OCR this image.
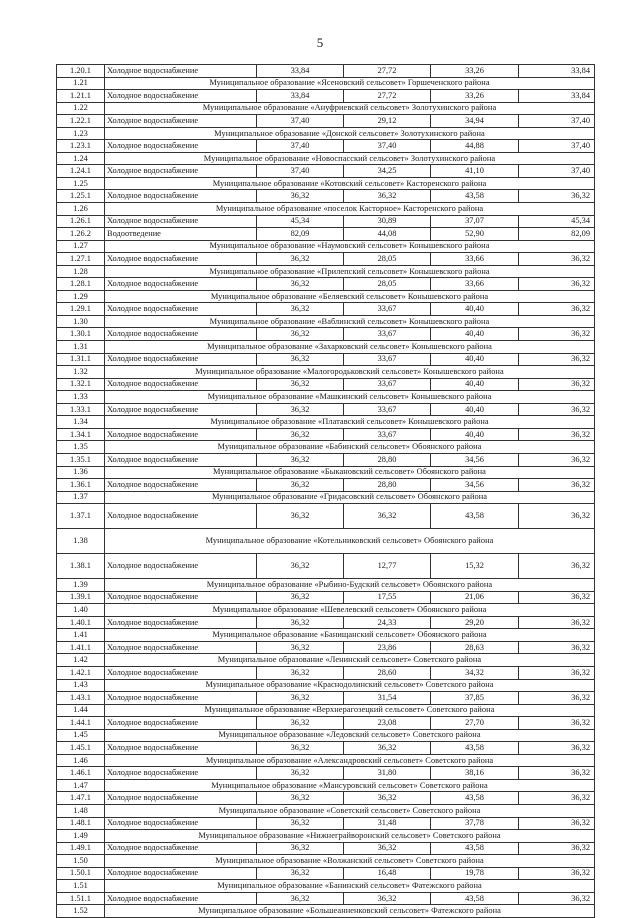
5
1.20.1	Холодное водоснабжение	33,84	27,72	33,26	33,84
1.21	Муниципальное образование «Ясеновский сельсовет» Горшеченского района				
1.21.1	Холодное водоснабжение	33,84	27,72	33,26	33,84
1.22	Муниципальное образование «Ануфриевский сельсовет» Золотухинского района				
1.22.1	Холодное водоснабжение	37,40	29,12	34,94	37,40
1.23	Муниципальное образование «Донской сельсовет» Золотухинского района				
1.23.1	Холодное водоснабжение	37,40	37,40	44,88	37,40
1.24	Муниципальное образование «Новоспасский сельсовет» Золотухинского района				
1.24.1	Холодное водоснабжение	37,40	34,25	41,10	37,40
1.25	Муниципальное образование «Котовский сельсовет» Касторенского района				
1.25.1	Холодное водоснабжение	36,32	36,32	43,58	36,32
1.26	Муниципальное образование «поселок Касторное» Касторенского района				
1.26.1	Холодное водоснабжение	45,34	30,89	37,07	45,34
1.26.2	Водоотведение	82,09	44,08	52,90	82,09
1.27	Муниципальное образование «Наумовский сельсовет» Конышевского района				
1.27.1	Холодное водоснабжение	36,32	28,05	33,66	36,32
1.28	Муниципальное образование «Прилепский сельсовет» Конышевского района				
1.28.1	Холодное водоснабжение	36,32	28,05	33,66	36,32
1.29	Муниципальное образование «Беляевский сельсовет» Конышевского района				
1.29.1	Холодное водоснабжение	36,32	33,67	40,40	36,32
1.30	Муниципальное образование «Ваблинский сельсовет» Конышевского района				
1.30.1	Холодное водоснабжение	36,32	33,67	40,40	36,32
1.31	Муниципальное образование «Захарковский сельсовет» Конышевского района				
1.31.1	Холодное водоснабжение	36,32	33,67	40,40	36,32
1.32	Муниципальное образование «Малогородьковский сельсовет» Конышевского района				
1.32.1	Холодное водоснабжение	36,32	33,67	40,40	36,32
1.33	Муниципальное образование «Машкинский сельсовет» Конышевского района				
1.33.1	Холодное водоснабжение	36,32	33,67	40,40	36,32
1.34	Муниципальное образование «Платавский сельсовет» Конышевского района				
1.34.1	Холодное водоснабжение	36,32	33,67	40,40	36,32
1.35	Муниципальное образование «Бабинский сельсовет» Обоянского района				
1.35.1	Холодное водоснабжение	36,32	28,80	34,56	36,32
1.36	Муниципальное образование «Быкановский сельсовет» Обоянского района				
1.36.1	Холодное водоснабжение	36,32	28,80	34,56	36,32
1.37	Муниципальное образование «Гридасовский сельсовет» Обоянского района				
1.37.1	Холодное водоснабжение	36,32	36,32	43,58	36,32
1.38	Муниципальное образование «Котельниковский сельсовет» Обоянского района				
1.38.1	Холодное водоснабжение	36,32	12,77	15,32	36,32
1.39	Муниципальное образование «Рыбино-Будский сельсовет» Обоянского района				
1.39.1	Холодное водоснабжение	36,32	17,55	21,06	36,32
1.40	Муниципальное образование «Шевелевский сельсовет» Обоянского района				
1.40.1	Холодное водоснабжение	36,32	24,33	29,20	36,32
1.41	Муниципальное образование «Банищанский сельсовет» Обоянского района				
1.41.1	Холодное водоснабжение	36,32	23,86	28,63	36,32
1.42	Муниципальное образование «Ленинский сельсовет» Советского района				
1.42.1	Холодное водоснабжение	36,32	28,60	34,32	36,32
1.43	Муниципальное образование «Краснодолинский сельсовет» Советского района				
1.43.1	Холодное водоснабжение	36,32	31,54	37,85	36,32
1.44	Муниципальное образование «Верхнерагозецкий сельсовет» Советского района				
1.44.1	Холодное водоснабжение	36,32	23,08	27,70	36,32
1.45	Муниципальное образование «Ледовский сельсовет» Советского района				
1.45.1	Холодное водоснабжение	36,32	36,32	43,58	36,32
1.46	Муниципальное образование «Александровский сельсовет» Советского района				
1.46.1	Холодное водоснабжение	36,32	31,80	38,16	36,32
1.47	Муниципальное образование «Мансуровский сельсовет» Советского района				
1.47.1	Холодное водоснабжение	36,32	36,32	43,58	36,32
1.48	Муниципальное образование «Советский сельсовет» Советского района				
1.48.1	Холодное водоснабжение	36,32	31,48	37,78	36,32
1.49	Муниципальное образование «Нижнеграйворонский сельсовет» Советского района				
1.49.1	Холодное водоснабжение	36,32	36,32	43,58	36,32
1.50	Муниципальное образование «Волжанский сельсовет» Советского района				
1.50.1	Холодное водоснабжение	36,32	16,48	19,78	36,32
1.51	Муниципальное образование «Банинский сельсовет» Фатежского района				
1.51.1	Холодное водоснабжение	36,32	36,32	43,58	36,32
1.52	Муниципальное образование «Большеанненковский сельсовет» Фатежского района				
